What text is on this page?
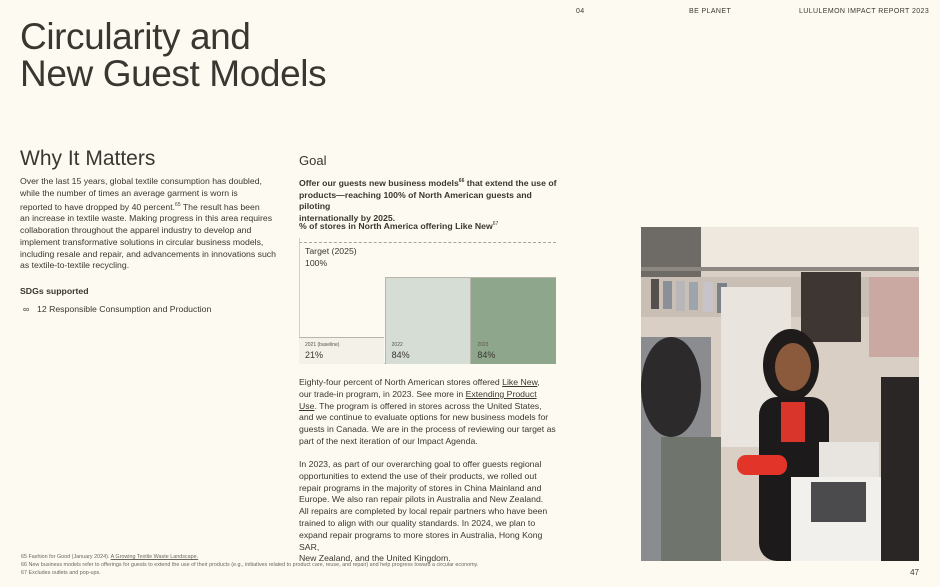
04	BE PLANET	LULULEMON IMPACT REPORT 2023
Circularity and
New Guest Models
Why It Matters
Over the last 15 years, global textile consumption has doubled,
while the number of times an average garment is worn is
reported to have dropped by 40 percent.$^{65}$ The result has been
an increase in textile waste. Making progress in this area requires
collaboration throughout the apparel industry to develop and
implement transformative solutions in circular business models,
including resale and repair, and advancements in innovations such
as textile-to-textile recycling.
SDGs supported
∞ 12 Responsible Consumption and Production
Goal
Offer our guests new business models$^{66}$ that extend the use of
products—reaching 100% of North American guests and piloting
internationally by 2025.
% of stores in North America offering Like New$^{67}$
Target (2025)
100%
2021 (baseline)
21%
2022
84%
2023
84%
Eighty-four percent of North American stores offered Like New,
our trade-in program, in 2023. See more in Extending Product
Use. The program is offered in stores across the United States,
and we continue to evaluate options for new business models for
guests in Canada. We are in the process of reviewing our target as
part of the next iteration of our Impact Agenda.
In 2023, as part of our overarching goal to offer guests regional
opportunities to extend the use of their products, we rolled out
repair programs in the majority of stores in China Mainland and
Europe. We also ran repair pilots in Australia and New Zealand.
All repairs are completed by local repair partners who have been
trained to align with our quality standards. In 2024, we plan to
expand repair programs to more stores in Australia, Hong Kong SAR,
New Zealand, and the United Kingdom.
65 Fashion for Good (January 2024). A Growing Textile Waste Landscape.
66 New business models refer to offerings for guests to extend the use of their products (e.g., initiatives related to product care, reuse, and repair) and help progress toward a circular economy.
67 Excludes outlets and pop-ups.	47
